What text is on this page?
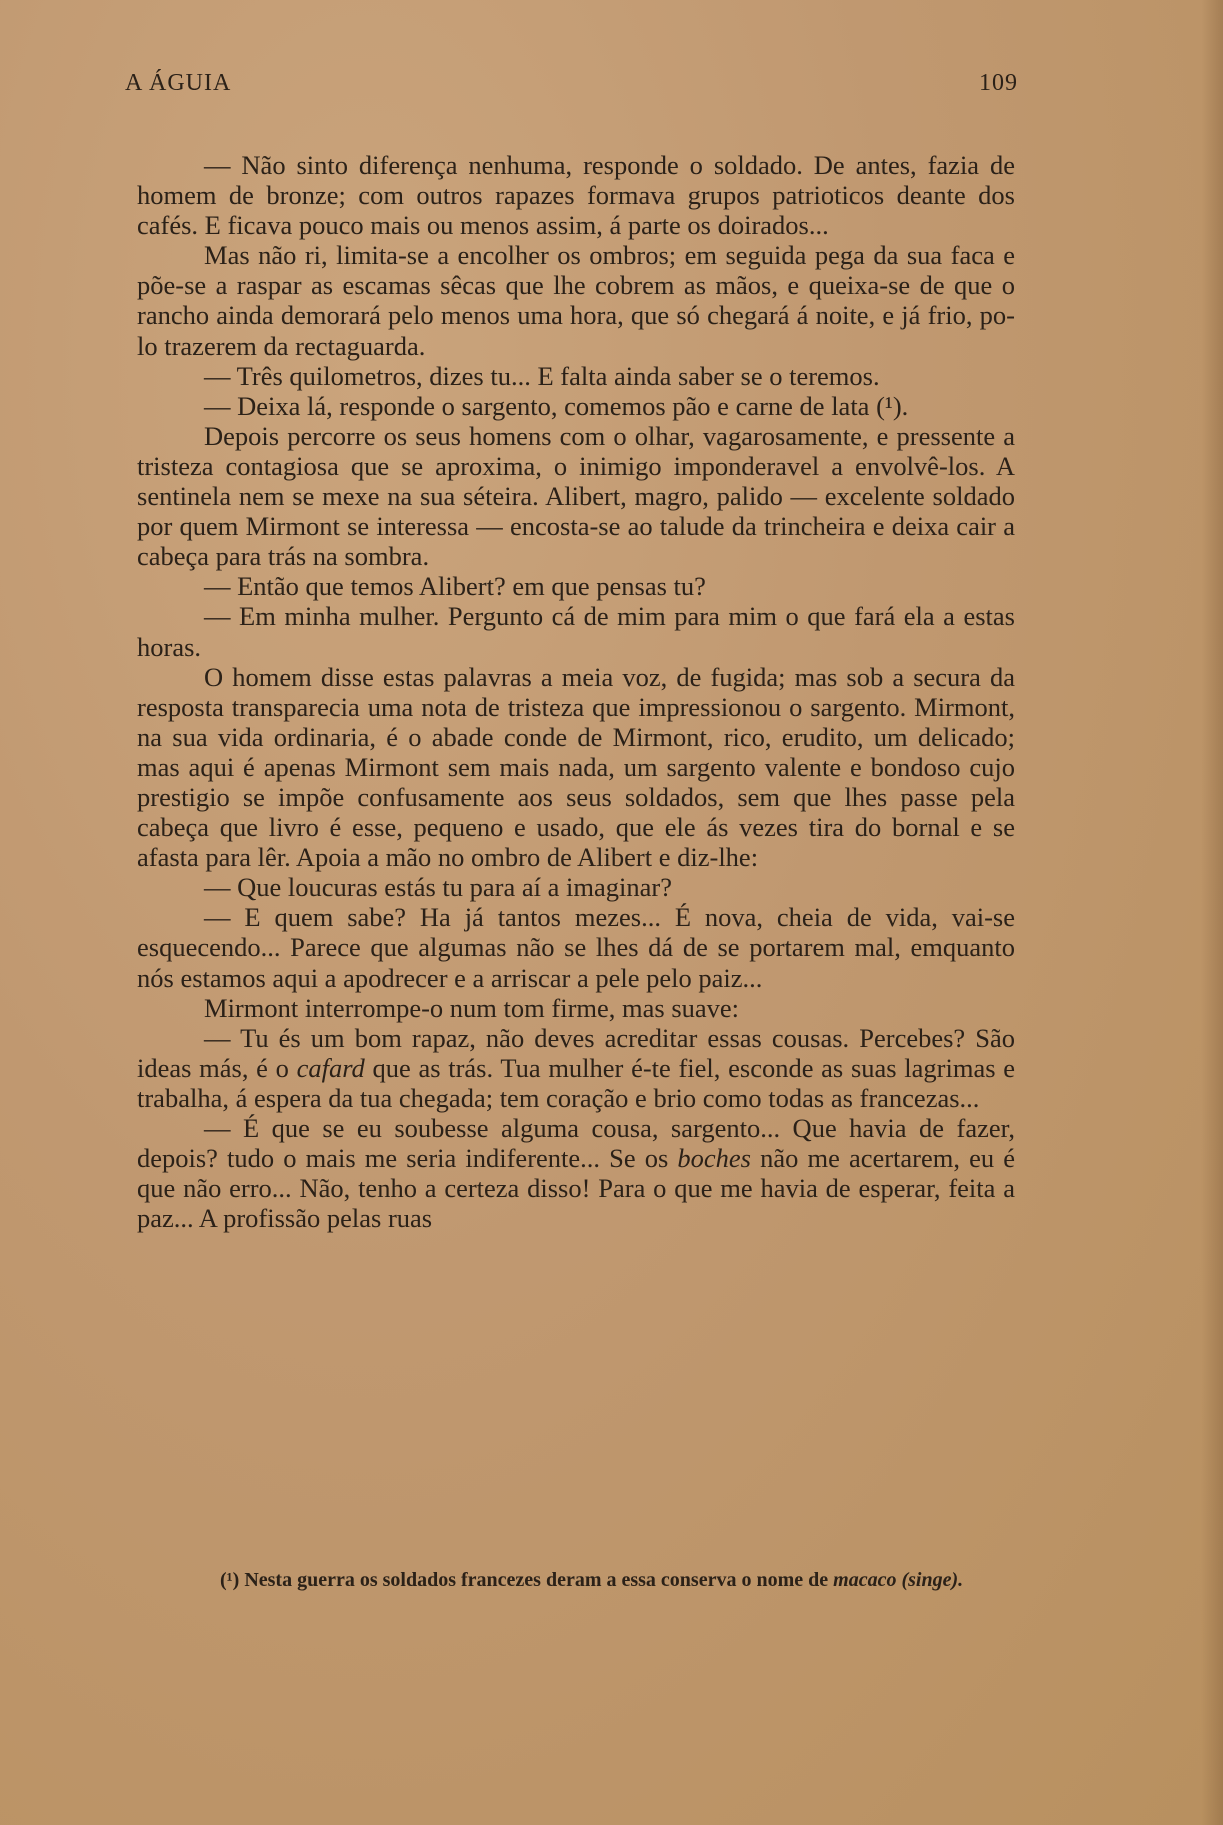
A ÁGUIA	109

— Não sinto diferença nenhuma, responde o soldado. De antes, fazia de homem de bronze; com outros rapazes formava grupos patrioticos deante dos cafés. E ficava pouco mais ou menos assim, á parte os doirados...

Mas não ri, limita-se a encolher os ombros; em seguida pega da sua faca e põe-se a raspar as escamas sêcas que lhe cobrem as mãos, e queixa-se de que o rancho ainda demorará pelo menos uma hora, que só chegará á noite, e já frio, po-lo trazerem da rectaguarda.

— Três quilometros, dizes tu... E falta ainda saber se o teremos.

— Deixa lá, responde o sargento, comemos pão e carne de lata (¹).

Depois percorre os seus homens com o olhar, vagarosamente, e pressente a tristeza contagiosa que se aproxima, o inimigo imponderavel a envolvê-los. A sentinela nem se mexe na sua séteira. Alibert, magro, palido — excelente soldado por quem Mirmont se interessa — encosta-se ao talude da trincheira e deixa cair a cabeça para trás na sombra.

— Então que temos Alibert? em que pensas tu?

— Em minha mulher. Pergunto cá de mim para mim o que fará ela a estas horas.

O homem disse estas palavras a meia voz, de fugida; mas sob a secura da resposta transparecia uma nota de tristeza que impressionou o sargento. Mirmont, na sua vida ordinaria, é o abade conde de Mirmont, rico, erudito, um delicado; mas aqui é apenas Mirmont sem mais nada, um sargento valente e bondoso cujo prestigio se impõe confusamente aos seus soldados, sem que lhes passe pela cabeça que livro é esse, pequeno e usado, que ele ás vezes tira do bornal e se afasta para lêr. Apoia a mão no ombro de Alibert e diz-lhe:

— Que loucuras estás tu para aí a imaginar?

— E quem sabe? Ha já tantos mezes... É nova, cheia de vida, vai-se esquecendo... Parece que algumas não se lhes dá de se portarem mal, emquanto nós estamos aqui a apodrecer e a arriscar a pele pelo paiz...

Mirmont interrompe-o num tom firme, mas suave:

— Tu és um bom rapaz, não deves acreditar essas cousas. Percebes? São ideas más, é o cafard que as trás. Tua mulher é-te fiel, esconde as suas lagrimas e trabalha, á espera da tua chegada; tem coração e brio como todas as francezas...

— É que se eu soubesse alguma cousa, sargento... Que havia de fazer, depois? tudo o mais me seria indiferente... Se os boches não me acertarem, eu é que não erro... Não, tenho a certeza disso! Para o que me havia de esperar, feita a paz... A profissão pelas ruas

(¹) Nesta guerra os soldados francezes deram a essa conserva o nome de macaco (singe).
